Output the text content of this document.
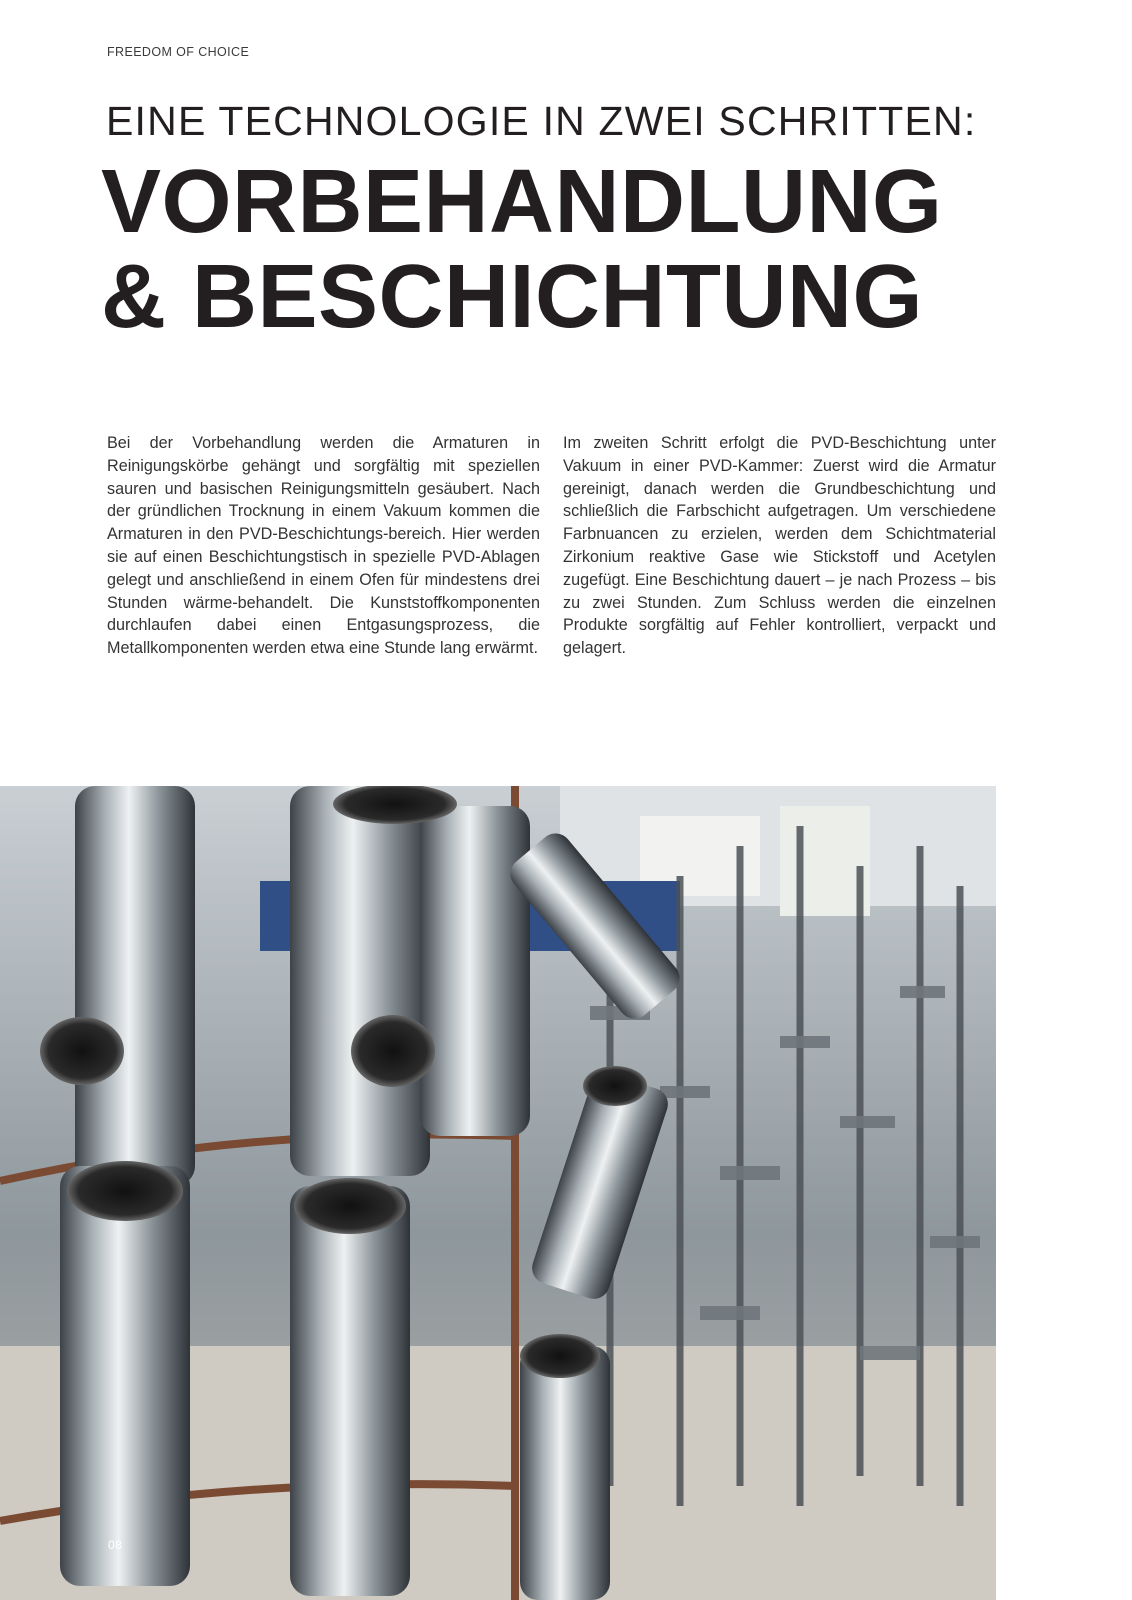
FREEDOM OF CHOICE
EINE TECHNOLOGIE IN ZWEI SCHRITTEN:
VORBEHANDLUNG
& BESCHICHTUNG

Bei der Vorbehandlung werden die Armaturen in Reinigungskörbe gehängt und sorgfältig mit speziellen sauren und basischen Reinigungsmitteln gesäubert. Nach der gründlichen Trocknung in einem Vakuum kommen die Armaturen in den PVD-Beschichtungs-bereich. Hier werden sie auf einen Beschichtungstisch in spezielle PVD-Ablagen gelegt und anschließend in einem Ofen für mindestens drei Stunden wärme-behandelt. Die Kunststoffkomponenten durchlaufen dabei einen Entgasungsprozess, die Metallkomponenten werden etwa eine Stunde lang erwärmt.

Im zweiten Schritt erfolgt die PVD-Beschichtung unter Vakuum in einer PVD-Kammer: Zuerst wird die Armatur gereinigt, danach werden die Grundbeschichtung und schließlich die Farbschicht aufgetragen. Um verschiedene Farbnuancen zu erzielen, werden dem Schichtmaterial Zirkonium reaktive Gase wie Stickstoff und Acetylen zugefügt. Eine Beschichtung dauert – je nach Prozess – bis zu zwei Stunden. Zum Schluss werden die einzelnen Produkte sorgfältig auf Fehler kontrolliert, verpackt und gelagert.

08
